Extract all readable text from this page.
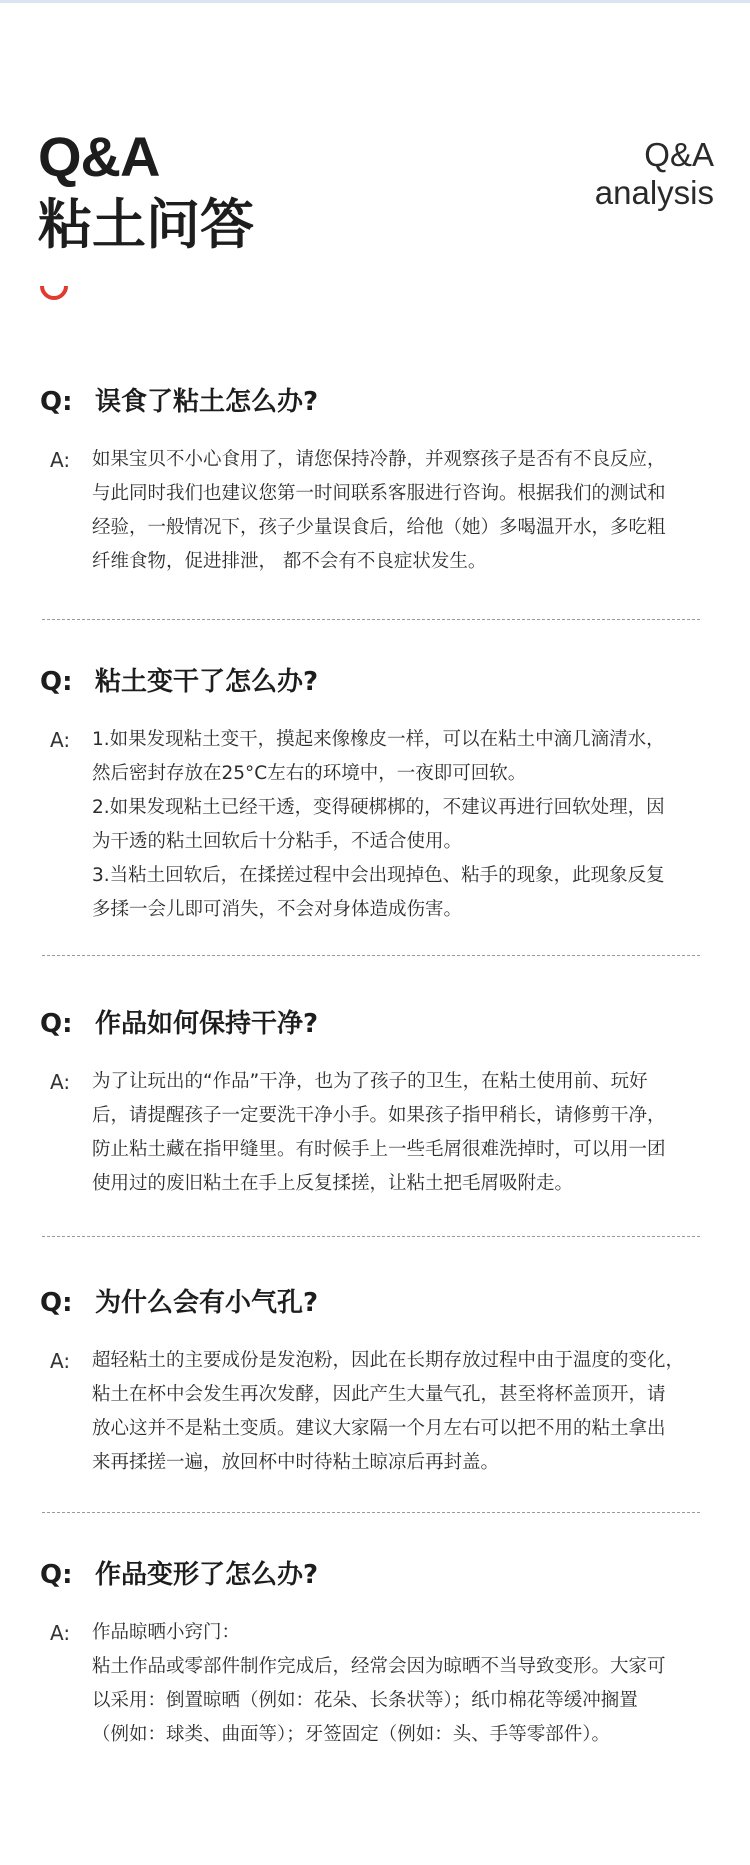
Q&A
粘土问答
Q&A
analysis
Q: 误食了粘土怎么办?
A:	如果宝贝不小心食用了，请您保持冷静，并观察孩子是否有不良反应，
与此同时我们也建议您第一时间联系客服进行咨询。根据我们的测试和
经验，一般情况下，孩子少量误食后，给他（她）多喝温开水，多吃粗
纤维食物，促进排泄， 都不会有不良症状发生。
Q: 粘土变干了怎么办?
A:	1.如果发现粘土变干，摸起来像橡皮一样，可以在粘土中滴几滴清水，
然后密封存放在25°C左右的环境中，一夜即可回软。
2.如果发现粘土已经干透，变得硬梆梆的，不建议再进行回软处理，因
为干透的粘土回软后十分粘手，不适合使用。
3.当粘土回软后，在揉搓过程中会出现掉色、粘手的现象，此现象反复
多揉一会儿即可消失，不会对身体造成伤害。
Q: 作品如何保持干净?
A:	为了让玩出的“作品”干净，也为了孩子的卫生，在粘土使用前、玩好
后，请提醒孩子一定要洗干净小手。如果孩子指甲稍长，请修剪干净，
防止粘土藏在指甲缝里。有时候手上一些毛屑很难洗掉时，可以用一团
使用过的废旧粘土在手上反复揉搓，让粘土把毛屑吸附走。
Q: 为什么会有小气孔?
A:	超轻粘土的主要成份是发泡粉，因此在长期存放过程中由于温度的变化，
粘土在杯中会发生再次发酵，因此产生大量气孔，甚至将杯盖顶开，请
放心这并不是粘土变质。建议大家隔一个月左右可以把不用的粘土拿出
来再揉搓一遍，放回杯中时待粘土晾凉后再封盖。
Q: 作品变形了怎么办?
A:	作品晾晒小窍门：
粘土作品或零部件制作完成后，经常会因为晾晒不当导致变形。大家可
以采用：倒置晾晒（例如：花朵、长条状等）；纸巾棉花等缓冲搁置
（例如：球类、曲面等）；牙签固定（例如：头、手等零部件）。
